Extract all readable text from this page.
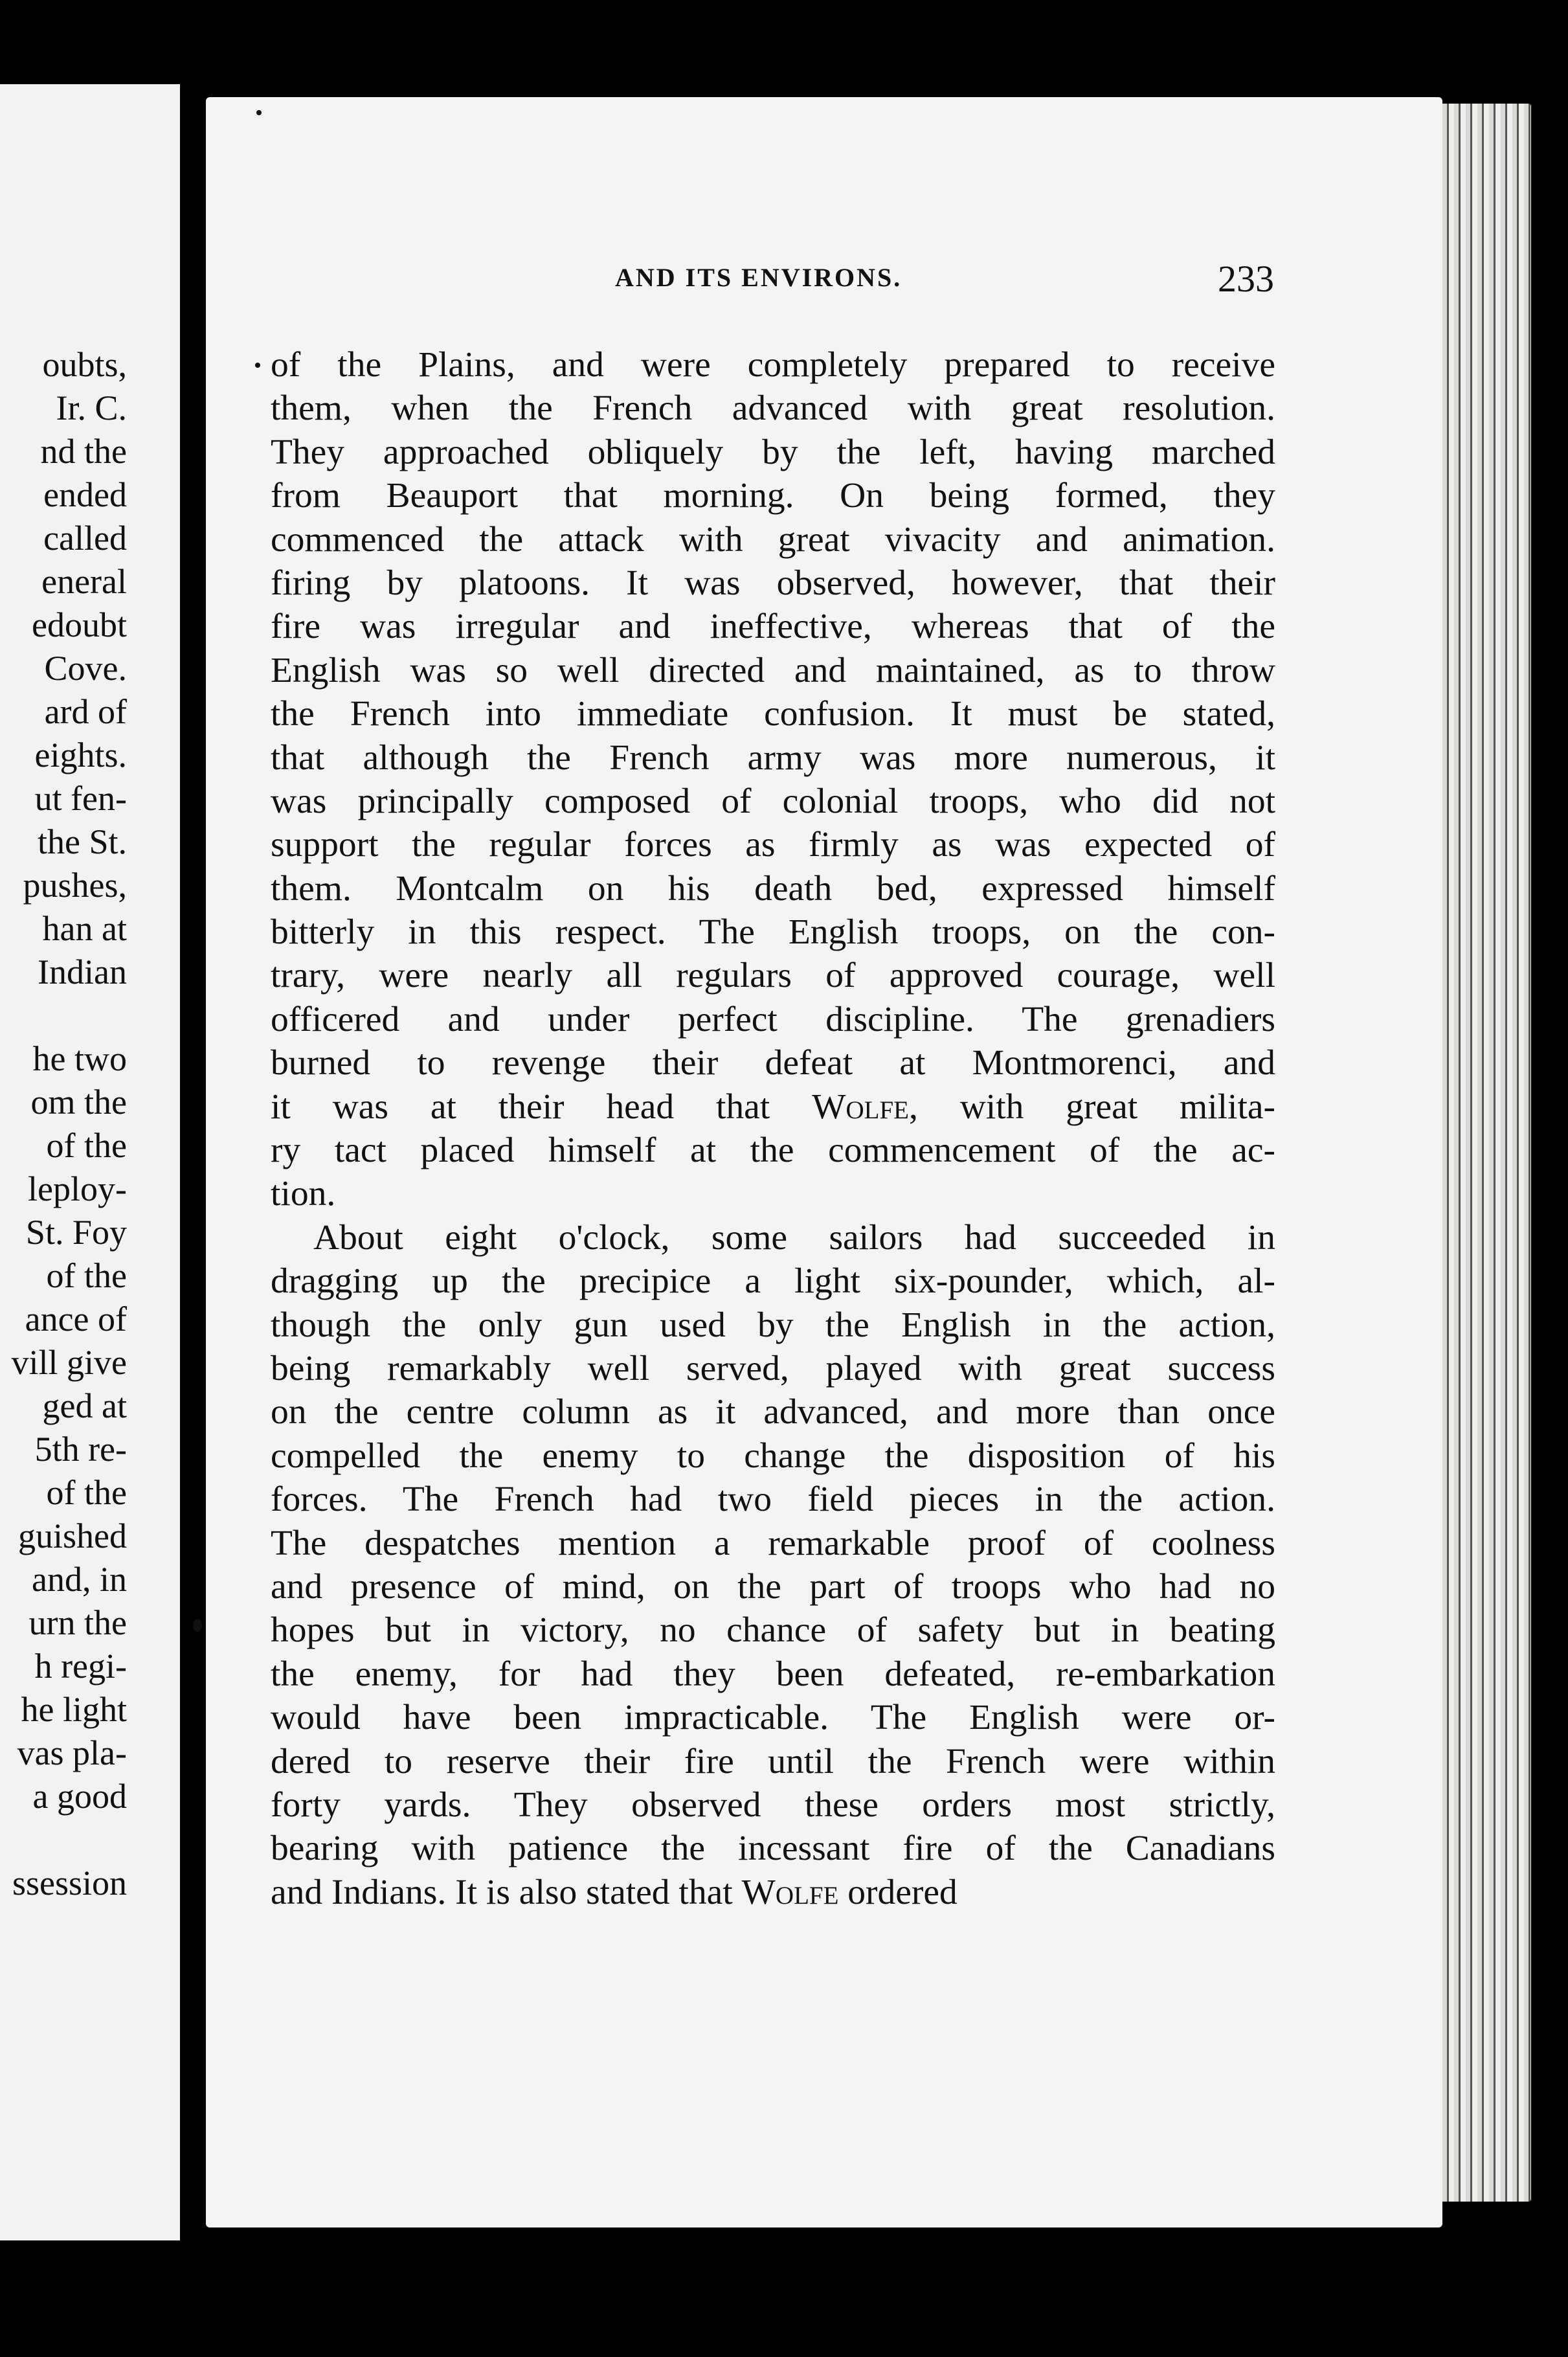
oubts,
Ir. C.
nd the
ended
called
eneral
edoubt
Cove.
ard of
eights.
ut fen-
the St.
pushes,
han at
Indian
he two
om the
of the
leploy-
St. Foy
of the
ance of
vill give
ged at
5th re-
of the
guished
and, in
urn the
h regi-
he light
vas pla-
a good
ssession
AND ITS ENVIRONS.	233
of the Plains, and were completely prepared to receive
them, when the French advanced with great resolution.
They approached obliquely by the left, having marched
from Beauport that morning. On being formed, they
commenced the attack with great vivacity and animation.
firing by platoons. It was observed, however, that their
fire was irregular and ineffective, whereas that of the
English was so well directed and maintained, as to throw
the French into immediate confusion. It must be stated,
that although the French army was more numerous, it
was principally composed of colonial troops, who did not
support the regular forces as firmly as was expected of
them. Montcalm on his death bed, expressed himself
bitterly in this respect. The English troops, on the con-
trary, were nearly all regulars of approved courage, well
officered and under perfect discipline. The grenadiers
burned to revenge their defeat at Montmorenci, and
it was at their head that Wolfe, with great milita-
ry tact placed himself at the commencement of the ac-
tion.
About eight o'clock, some sailors had succeeded in
dragging up the precipice a light six-pounder, which, al-
though the only gun used by the English in the action,
being remarkably well served, played with great success
on the centre column as it advanced, and more than once
compelled the enemy to change the disposition of his
forces. The French had two field pieces in the action.
The despatches mention a remarkable proof of coolness
and presence of mind, on the part of troops who had no
hopes but in victory, no chance of safety but in beating
the enemy, for had they been defeated, re-embarkation
would have been impracticable. The English were or-
dered to reserve their fire until the French were within
forty yards. They observed these orders most strictly,
bearing with patience the incessant fire of the Canadians
and Indians. It is also stated that Wolfe ordered
